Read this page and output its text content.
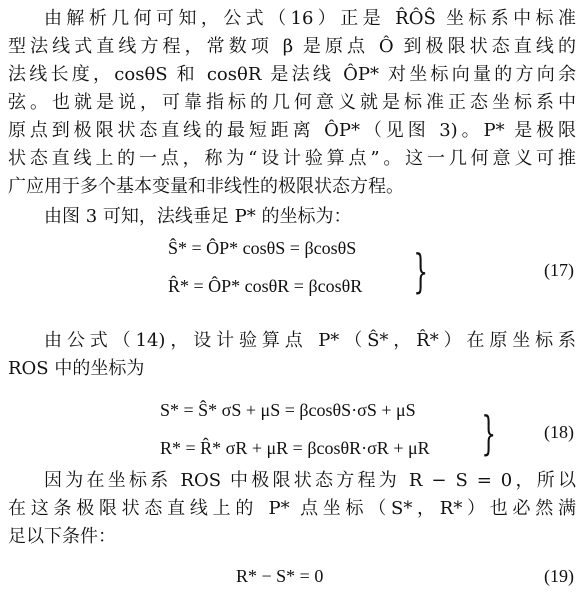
由解析几何可知，公式（16）正是 R̂ÔŜ 坐标系中标准
型法线式直线方程，常数项 β 是原点 Ô 到极限状态直线的
法线长度，cosθS 和 cosθR 是法线 ÔP* 对坐标向量的方向余
弦。也就是说，可靠指标的几何意义就是标准正态坐标系中
原点到极限状态直线的最短距离 ÔP*（见图 3)。P* 是极限
状态直线上的一点，称为“设计验算点”。这一几何意义可推
广应用于多个基本变量和非线性的极限状态方程。
由图 3 可知，法线垂足 P* 的坐标为：
Ŝ* = ÔP* cosθS = βcosθS
R̂* = ÔP* cosθR = βcosθR }	(17)
由公式（14)，设计验算点 P*（Ŝ*，R̂*）在原坐标系
ROS 中的坐标为
S* = Ŝ* σS + μS = βcosθS·σS + μS
R* = R̂* σR + μR = βcosθR·σR + μR }	(18)
因为在坐标系 ROS 中极限状态方程为 R − S = 0，所以
在这条极限状态直线上的 P* 点坐标（S*，R*）也必然满
足以下条件：
R* − S* = 0	(19)
